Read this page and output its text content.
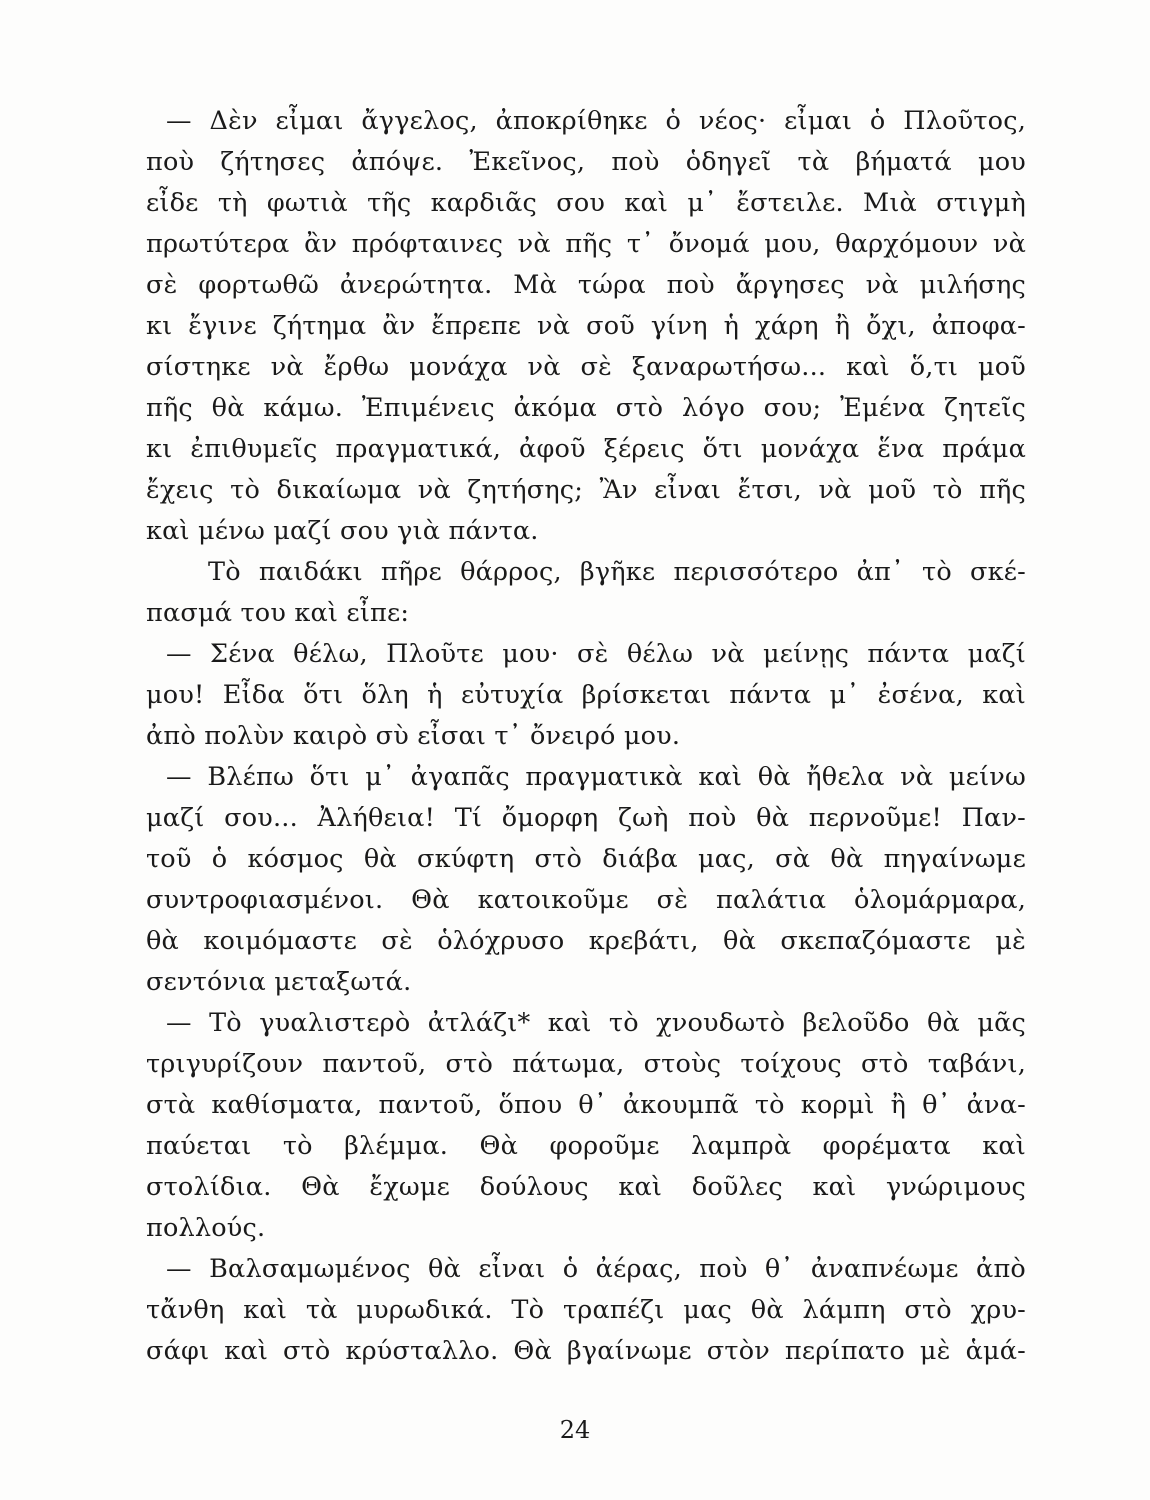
— Δὲν εἶμαι ἄγγελος, ἀποκρίθηκε ὁ νέος· εἶμαι ὁ Πλοῦτος,
ποὺ ζήτησες ἀπόψε. Ἐκεῖνος, ποὺ ὁδηγεῖ τὰ βήματά μου
εἶδε τὴ φωτιὰ τῆς καρδιᾶς σου καὶ μ᾽ ἔστειλε. Μιὰ στιγμὴ
πρωτύτερα ἂν πρόφταινες νὰ πῆς τ᾽ ὄνομά μου, θαρχόμουν νὰ
σὲ φορτωθῶ ἀνερώτητα. Μὰ τώρα ποὺ ἄργησες νὰ μιλήσης
κι ἔγινε ζήτημα ἂν ἔπρεπε νὰ σοῦ γίνη ἡ χάρη ἢ ὄχι, ἀποφα-
σίστηκε νὰ ἔρθω μονάχα νὰ σὲ ξαναρωτήσω... καὶ ὅ,τι μοῦ
πῆς θὰ κάμω. Ἐπιμένεις ἀκόμα στὸ λόγο σου; Ἐμένα ζητεῖς
κι ἐπιθυμεῖς πραγματικά, ἀφοῦ ξέρεις ὅτι μονάχα ἕνα πράμα
ἔχεις τὸ δικαίωμα νὰ ζητήσης; Ἂν εἶναι ἔτσι, νὰ μοῦ τὸ πῆς
καὶ μένω μαζί σου γιὰ πάντα.
Τὸ παιδάκι πῆρε θάρρος, βγῆκε περισσότερο ἀπ᾽ τὸ σκέ-
πασμά του καὶ εἶπε:
— Σένα θέλω, Πλοῦτε μου· σὲ θέλω νὰ μείνῃς πάντα μαζί
μου! Εἶδα ὅτι ὅλη ἡ εὐτυχία βρίσκεται πάντα μ᾽ ἐσένα, καὶ
ἀπὸ πολὺν καιρὸ σὺ εἶσαι τ᾽ ὄνειρό μου.
— Βλέπω ὅτι μ᾽ ἀγαπᾶς πραγματικὰ καὶ θὰ ἤθελα νὰ μείνω
μαζί σου... Ἀλήθεια! Τί ὄμορφη ζωὴ ποὺ θὰ περνοῦμε! Παν-
τοῦ ὁ κόσμος θὰ σκύφτη στὸ διάβα μας, σὰ θὰ πηγαίνωμε
συντροφιασμένοι. Θὰ κατοικοῦμε σὲ παλάτια ὁλομάρμαρα,
θὰ κοιμόμαστε σὲ ὁλόχρυσο κρεβάτι, θὰ σκεπαζόμαστε μὲ
σεντόνια μεταξωτά.
— Τὸ γυαλιστερὸ ἀτλάζι* καὶ τὸ χνουδωτὸ βελοῦδο θὰ μᾶς
τριγυρίζουν παντοῦ, στὸ πάτωμα, στοὺς τοίχους στὸ ταβάνι,
στὰ καθίσματα, παντοῦ, ὅπου θ᾽ ἀκουμπᾶ τὸ κορμὶ ἢ θ᾽ ἀνα-
παύεται τὸ βλέμμα. Θὰ φοροῦμε λαμπρὰ φορέματα καὶ
στολίδια. Θὰ ἔχωμε δούλους καὶ δοῦλες καὶ γνώριμους
πολλούς.
— Βαλσαμωμένος θὰ εἶναι ὁ ἀέρας, ποὺ θ᾽ ἀναπνέωμε ἀπὸ
τἄνθη καὶ τὰ μυρωδικά. Τὸ τραπέζι μας θὰ λάμπη στὸ χρυ-
σάφι καὶ στὸ κρύσταλλο. Θὰ βγαίνωμε στὸν περίπατο μὲ ἁμά-
24
